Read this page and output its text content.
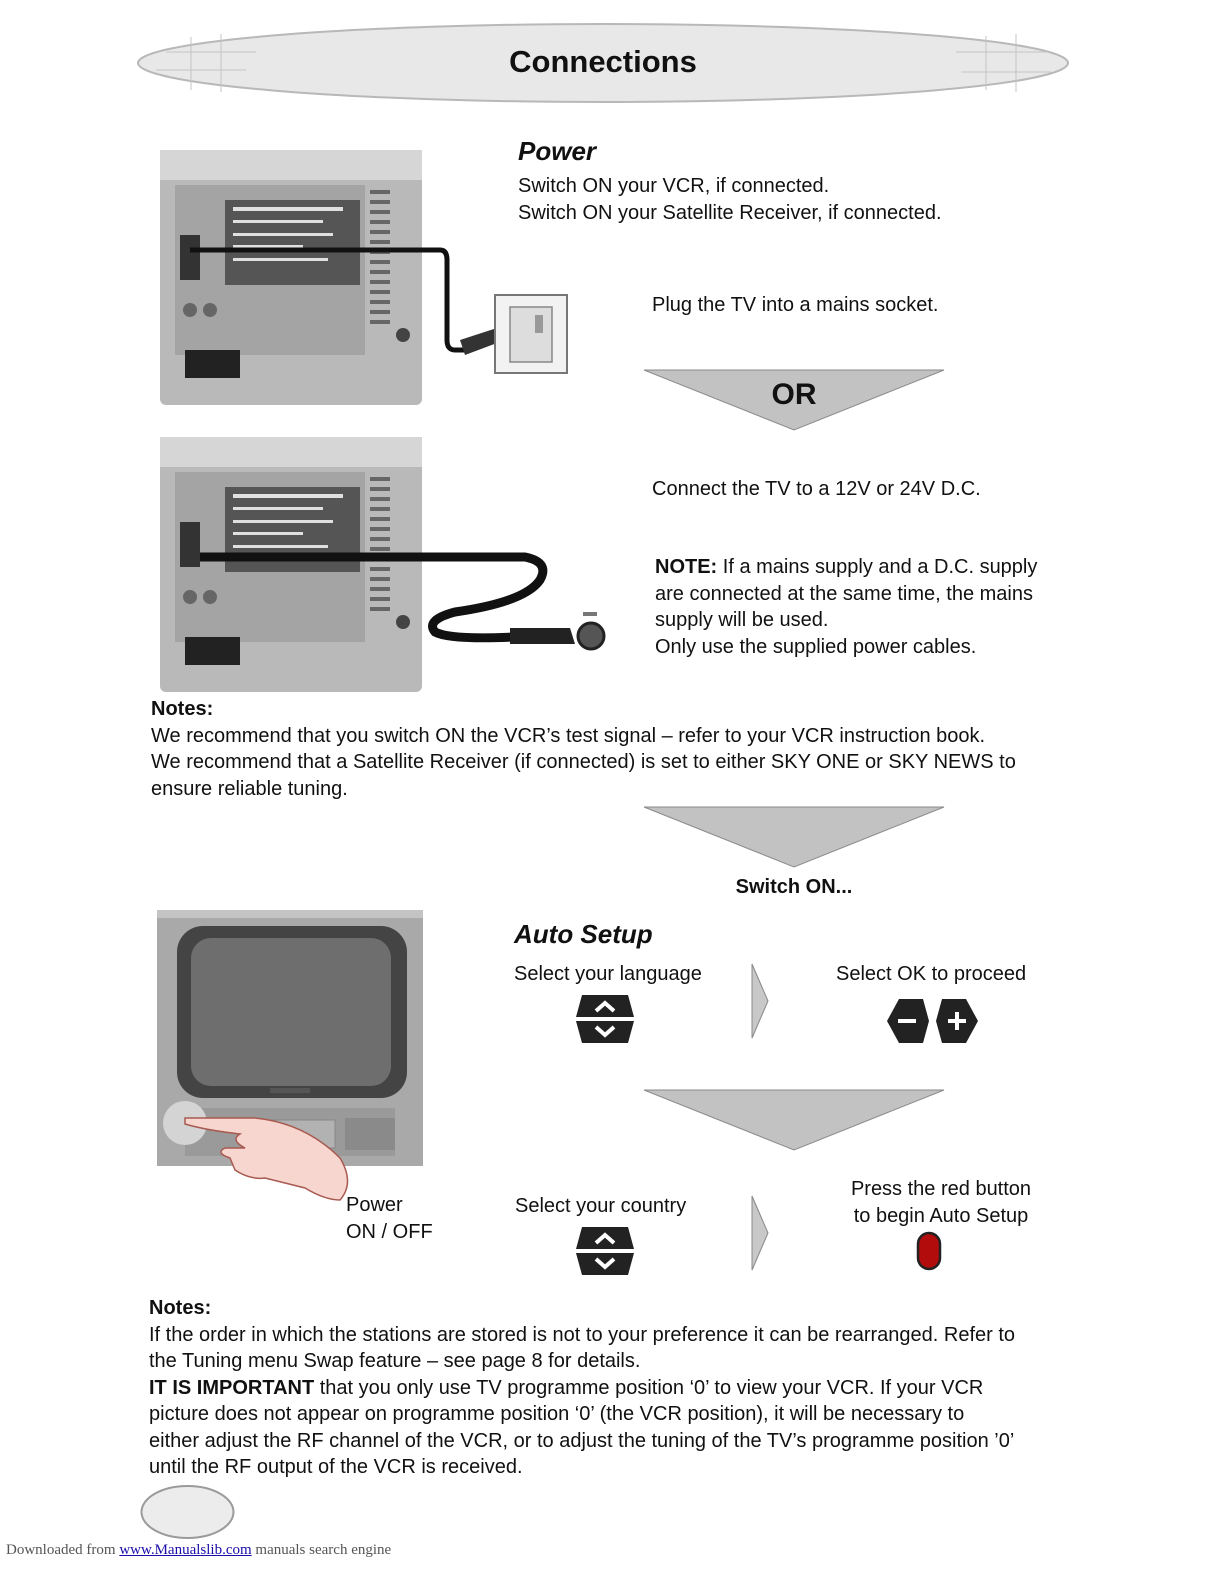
Connections
Power
Switch ON your VCR, if connected.
Switch ON your Satellite Receiver, if connected.
Plug the TV into a mains socket.
OR
Connect the TV to a 12V or 24V D.C.
NOTE: If a mains supply and a D.C. supply
are connected at the same time, the mains
supply will be used.
Only use the supplied power cables.
Notes:
We recommend that you switch ON the VCR’s test signal – refer to your VCR instruction book.
We recommend that a Satellite Receiver (if connected) is set to either SKY ONE or SKY NEWS to
ensure reliable tuning.
Switch ON...
Power
ON / OFF
Auto Setup
Select your language	Select OK to proceed
Select your country
Press the red button
to begin Auto Setup
Notes:
If the order in which the stations are stored is not to your preference it can be rearranged. Refer to
the Tuning menu Swap feature – see page 8 for details.
IT IS IMPORTANT that you only use TV programme position ‘0’ to view your VCR. If your VCR
picture does not appear on programme position ‘0’ (the VCR position), it will be necessary to
either adjust the RF channel of the VCR, or to adjust the tuning of the TV’s programme position ’0’
until the RF output of the VCR is received.
Downloaded from www.Manualslib.com manuals search engine
